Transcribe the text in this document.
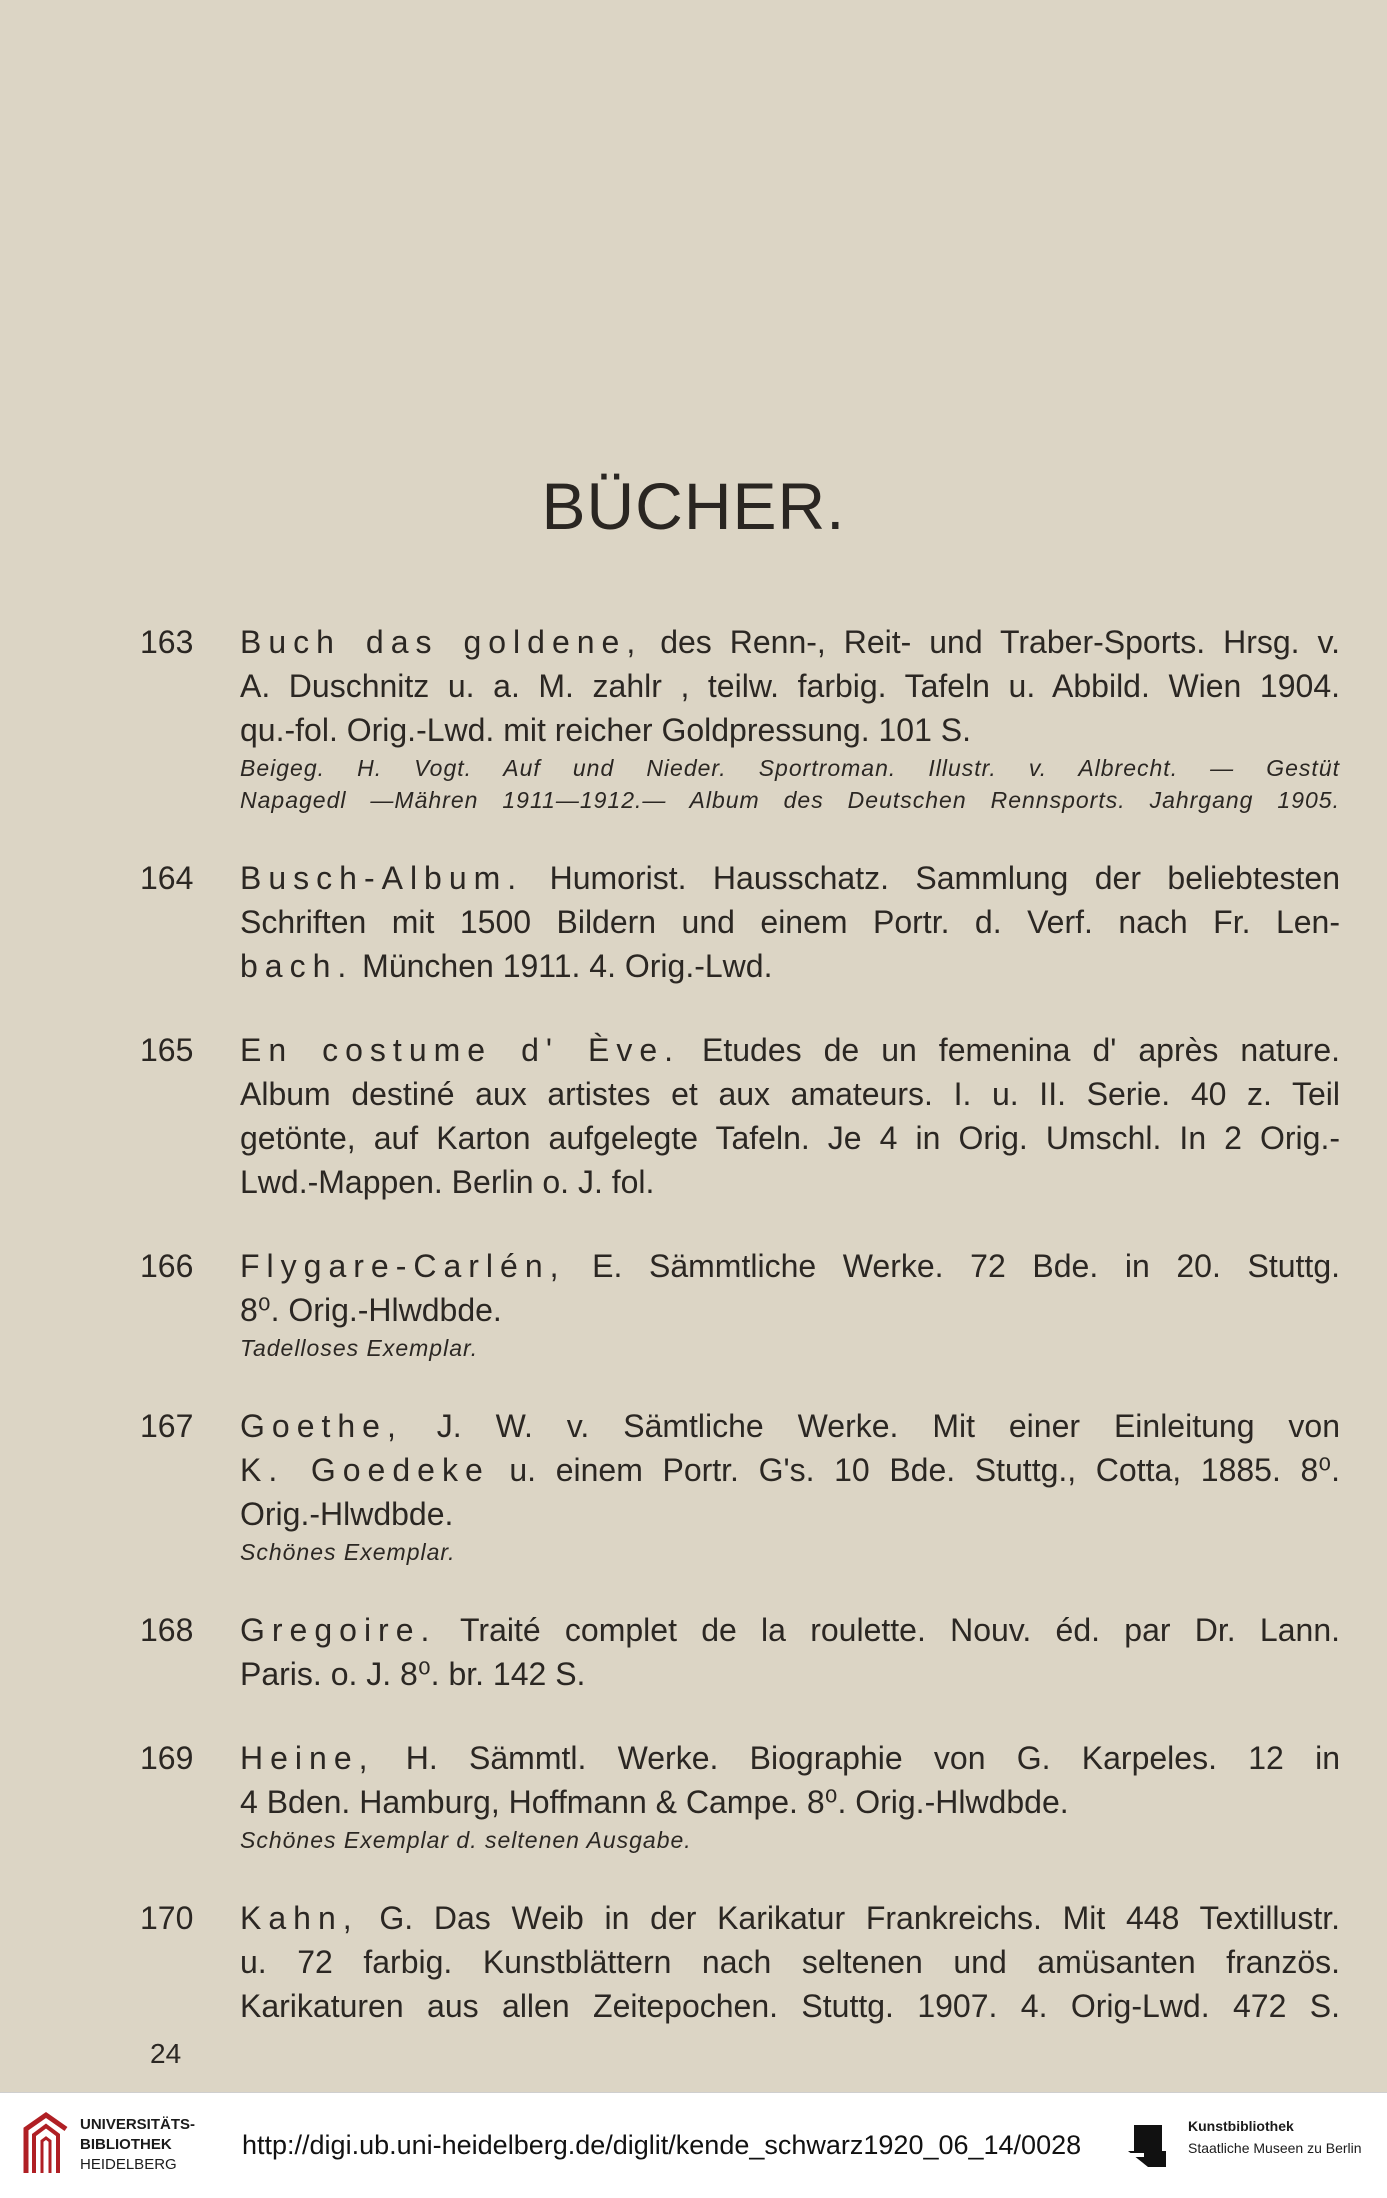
BÜCHER.
163	Buch das goldene, des Renn-, Reit- und Traber-Sports. Hrsg. v.
A. Duschnitz u. a. M. zahlr , teilw. farbig. Tafeln u. Abbild. Wien 1904.
qu.-fol. Orig.-Lwd. mit reicher Goldpressung. 101 S.
Beigeg. H. Vogt. Auf und Nieder. Sportroman. Illustr. v. Albrecht. — Gestüt
Napagedl —Mähren 1911—1912.— Album des Deutschen Rennsports. Jahrgang 1905.
164	Busch-Album. Humorist. Hausschatz. Sammlung der beliebtesten
Schriften mit 1500 Bildern und einem Portr. d. Verf. nach Fr. Len-
bach. München 1911. 4. Orig.-Lwd.
165	En costume d' Ève. Etudes de un femenina d' après nature.
Album destiné aux artistes et aux amateurs. I. u. II. Serie. 40 z. Teil
getönte, auf Karton aufgelegte Tafeln. Je 4 in Orig. Umschl. In 2 Orig.-
Lwd.-Mappen. Berlin o. J. fol.
166	Flygare-Carlén, E. Sämmtliche Werke. 72 Bde. in 20. Stuttg.
8⁰. Orig.-Hlwdbde.
Tadelloses Exemplar.
167	Goethe, J. W. v. Sämtliche Werke. Mit einer Einleitung von
K. Goedeke u. einem Portr. G's. 10 Bde. Stuttg., Cotta, 1885. 8⁰.
Orig.-Hlwdbde.
Schönes Exemplar.
168	Gregoire. Traité complet de la roulette. Nouv. éd. par Dr. Lann.
Paris. o. J. 8⁰. br. 142 S.
169	Heine, H. Sämmtl. Werke. Biographie von G. Karpeles. 12 in
4 Bden. Hamburg, Hoffmann & Campe. 8⁰. Orig.-Hlwdbde.
Schönes Exemplar d. seltenen Ausgabe.
170	Kahn, G. Das Weib in der Karikatur Frankreichs. Mit 448 Textillustr.
u. 72 farbig. Kunstblättern nach seltenen und amüsanten französ.
Karikaturen aus allen Zeitepochen. Stuttg. 1907. 4. Orig-Lwd. 472 S.
24
UNIVERSITÄTS-
BIBLIOTHEK
HEIDELBERG
http://digi.ub.uni-heidelberg.de/diglit/kende_schwarz1920_06_14/0028
Kunstbibliothek
Staatliche Museen zu Berlin
